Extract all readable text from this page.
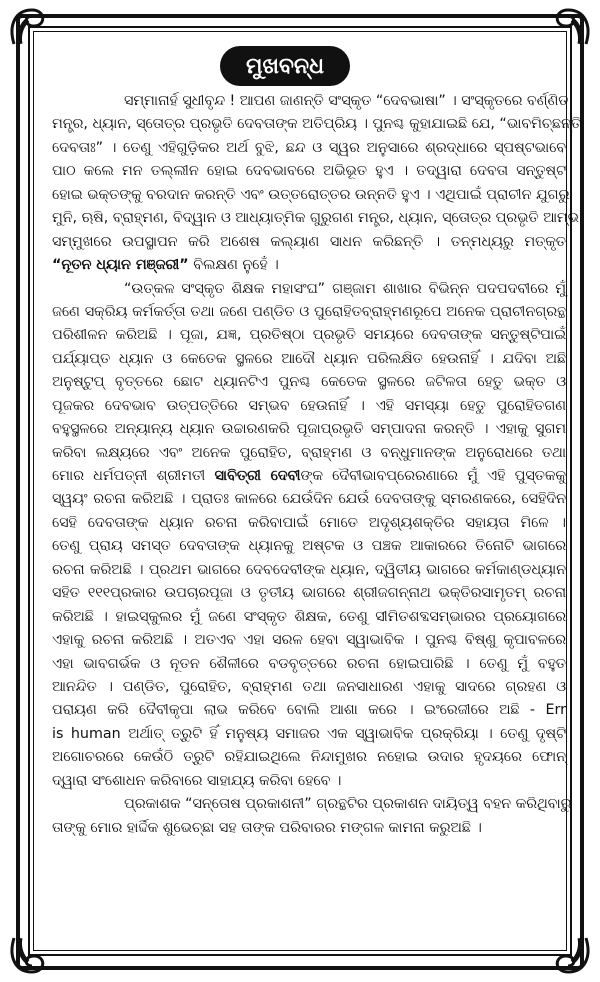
ମୁଖବନ୍ଧ
ସମ୍ମାନାର୍ହ ସୁଧୀବୃନ୍ଦ ! ଆପଣ ଜାଣନ୍ତି ସଂସ୍କୃତ “ଦେବଭାଷା” । ସଂସ୍କୃତରେ ବର୍ଣ୍ଣିତ
ମନ୍ତ୍ର, ଧ୍ୟାନ, ସ୍ତୋତ୍ର ପ୍ରଭୃତି ଦେବତାଙ୍କ ଅତିପ୍ରିୟ । ପୁନଶ୍ଚ କୁହାଯାଇଛି ଯେ, “ଭାବମିଚ୍ଛନ୍ତି
ଦେବତାଃ” । ତେଣୁ ଏହିଗୁଡ଼ିକର ଅର୍ଥ ବୁଝି, ଛନ୍ଦ ଓ ସ୍ୱର ଅନୁସାରେ ଶ୍ରଦ୍ଧାରେ ସ୍ପଷ୍ଟଭାବେ
ପାଠ କଲେ ମନ ତଲ୍ଲୀନ ହୋଇ ଦେବଭାବରେ ଅଭିଭୂତ ହୁଏ । ତଦ୍ୱାରା ଦେବତା ସନ୍ତୁଷ୍ଟ
ହୋଇ ଭକ୍ତଙ୍କୁ ବରଦାନ କରନ୍ତି ଏବଂ ଉତ୍ତରୋତ୍ତର ଉନ୍ନତି ହୁଏ । ଏଥିପାଇଁ ପ୍ରାଚୀନ ଯୁଗରୁ
ମୁନି, ଋଷି, ବ୍ରାହ୍ମଣ, ବିଦ୍ୱାନ ଓ ଆଧ୍ୟାତ୍ମିକ ଗୁରୁଗଣ ମନ୍ତ୍ର, ଧ୍ୟାନ, ସ୍ତୋତ୍ର ପ୍ରଭୃତି ଆମ୍ଭ
ସମ୍ମୁଖରେ ଉପସ୍ଥାପନ କରି ଅଶେଷ କଲ୍ୟାଣ ସାଧନ କରିଛନ୍ତି । ତନ୍ମଧ୍ୟରୁ ମତ୍‌କୃତ
“ନୂତନ ଧ୍ୟାନ ମଞ୍ଜରୀ” ବିଲକ୍ଷଣ ନୁହେଁ ।
“ଉତ୍କଳ ସଂସ୍କୃତ ଶିକ୍ଷକ ମହାସଂଘ” ଗଞ୍ଜାମ ଶାଖାର ବିଭିନ୍ନ ପଦପଦବୀରେ ମୁଁ
ଜଣେ ସକ୍ରିୟ କର୍ମକର୍ତ୍ତା ତଥା ଜଣେ ପଣ୍ଡିତ ଓ ପୁରୋହିତବ୍ରାହ୍ମଣରୂପେ ଅନେକ ପ୍ରାଚୀନଗ୍ରନ୍ଥ
ପରିଶୀଳନ କରିଅଛି । ପୂଜା, ଯଜ୍ଞ, ପ୍ରତିଷ୍ଠା ପ୍ରଭୃତି ସମୟରେ ଦେବତାଙ୍କ ସନ୍ତୁଷ୍ଟିପାଇଁ
ପର୍ଯ୍ୟାପ୍ତ ଧ୍ୟାନ ଓ କେତେକ ସ୍ଥଳରେ ଆଦୌ ଧ୍ୟାନ ପରିଲକ୍ଷିତ ହେଉନାହିଁ । ଯଦିବା ଅଛି
ଅନୁଷ୍ଟୁପ୍ ବୃତ୍ତରେ ଛୋଟ ଧ୍ୟାନଟିଏ ପୁନଶ୍ଚ କେତେକ ସ୍ଥଳରେ ଜଟିଳତା ହେତୁ ଭକ୍ତ ଓ
ପୂଜକର ଦେବଭାବ ଉତ୍ପତ୍ତିରେ ସମ୍ଭବ ହେଉନାହିଁ । ଏହି ସମସ୍ୟା ହେତୁ ପୁରୋହିତଗଣ
ବହୁସ୍ଥଳରେ ଅନ୍ୟାନ୍ୟ ଧ୍ୟାନ ଉଚ୍ଚାରଣକରି ପୂଜାପ୍ରଭୃତି ସମ୍ପାଦନା କରନ୍ତି । ଏହାକୁ ସୁଗମ
କରିବା ଲକ୍ଷ୍ୟରେ ଏବଂ ଅନେକ ପୁରୋହିତ, ବ୍ରାହ୍ମଣ ଓ ବନ୍ଧୁମାନଙ୍କ ଅନୁରୋଧରେ ତଥା
ମୋର ଧର୍ମପତ୍ନୀ ଶ୍ରୀମତୀ ସାବିତ୍ରୀ ଦେବୀଙ୍କ ଦୈବୀଭାବପ୍ରେରଣାରେ ମୁଁ ଏହି ପୁସ୍ତକକୁ
ସ୍ୱୟଂ ରଚନା କରିଅଛି । ପ୍ରାତଃ କାଳରେ ଯେଉଁଦିନ ଯେଉଁ ଦେବତାଙ୍କୁ ସ୍ମରଣକରେ, ସେହିଦିନ
ସେହି ଦେବତାଙ୍କ ଧ୍ୟାନ ରଚନା କରିବାପାଇଁ ମୋତେ ଅଦୃଶ୍ୟଶକ୍ତିର ସହାୟତା ମିଳେ ।
ତେଣୁ ପ୍ରାୟ ସମସ୍ତ ଦେବତାଙ୍କ ଧ୍ୟାନକୁ ଅଷ୍ଟକ ଓ ପଞ୍ଚକ ଆକାରରେ ତିନୋଟି ଭାଗରେ
ରଚନା କରିଅଛି । ପ୍ରଥମ ଭାଗରେ ଦେବଦେବୀଙ୍କ ଧ୍ୟାନ, ଦ୍ୱିତୀୟ ଭାଗରେ କର୍ମକାଣ୍ଡଧ୍ୟାନ
ସହିତ ୧୧୧ପ୍ରକାର ଉପଚାରପୂଜା ଓ ତୃତୀୟ ଭାଗରେ ଶ୍ରୀଜଗନ୍ନାଥ ଭକ୍ତିରସାମୃତମ୍ ରଚନା
କରିଅଛି । ହାଇସ୍କୁଲର ମୁଁ ଜଣେ ସଂସ୍କୃତ ଶିକ୍ଷକ, ତେଣୁ ସୀମିତଶବ୍ଦସମ୍ଭାରର ପ୍ରୟୋଗରେ
ଏହାକୁ ରଚନା କରିଅଛି । ଅତଏବ ଏହା ସରଳ ହେବା ସ୍ୱାଭାବିକ । ପୁନଶ୍ଚ ବିଷ୍ଣୁ କୃପାବଳରେ
ଏହା ଭାବଗର୍ଭକ ଓ ନୂତନ ଶୈଳୀରେ ବଡବୃତ୍ତରେ ରଚନା ହୋଇପାରିଛି । ତେଣୁ ମୁଁ ବହୁତ
ଆନନ୍ଦିତ । ପଣ୍ଡିତ, ପୁରୋହିତ, ବ୍ରାହ୍ମଣ ତଥା ଜନସାଧାରଣ ଏହାକୁ ସାଦରେ ଗ୍ରହଣ ଓ
ପରାୟଣ କରି ଦୈବୀକୃପା ଲାଭ କରିବେ ବୋଲି ଆଶା କରେ । ଇଂରେଜୀରେ ଅଛି - Err
is human ଅର୍ଥାତ୍ ତ୍ରୁଟି ହିଁ ମନୁଷ୍ୟ ସମାଜର ଏକ ସ୍ୱାଭାବିକ ପ୍ରକ୍ରିୟା । ତେଣୁ ଦୃଷ୍ଟି
ଅଗୋଚରରେ କେଉଁଠି ତ୍ରୁଟି ରହିଯାଇଥିଲେ ନିନ୍ଦାମୁଖର ନହୋଇ ଉଦାର ହୃଦୟରେ ଫୋନ୍
ଦ୍ୱାରା ସଂଶୋଧନ କରିବାରେ ସାହାଯ୍ୟ କରିବା ହେବେ ।
ପ୍ରକାଶକ “ସନ୍ତୋଷ ପ୍ରକାଶନୀ” ଗ୍ରନ୍ଥଟିର ପ୍ରକାଶନ ଦାୟିତ୍ୱ ବହନ କରିଥିବାରୁ
ତାଙ୍କୁ ମୋର ହାର୍ଦ୍ଦିକ ଶୁଭେଚ୍ଛା ସହ ତାଙ୍କ ପରିବାରର ମଙ୍ଗଳ କାମନା କରୁଅଛି ।
